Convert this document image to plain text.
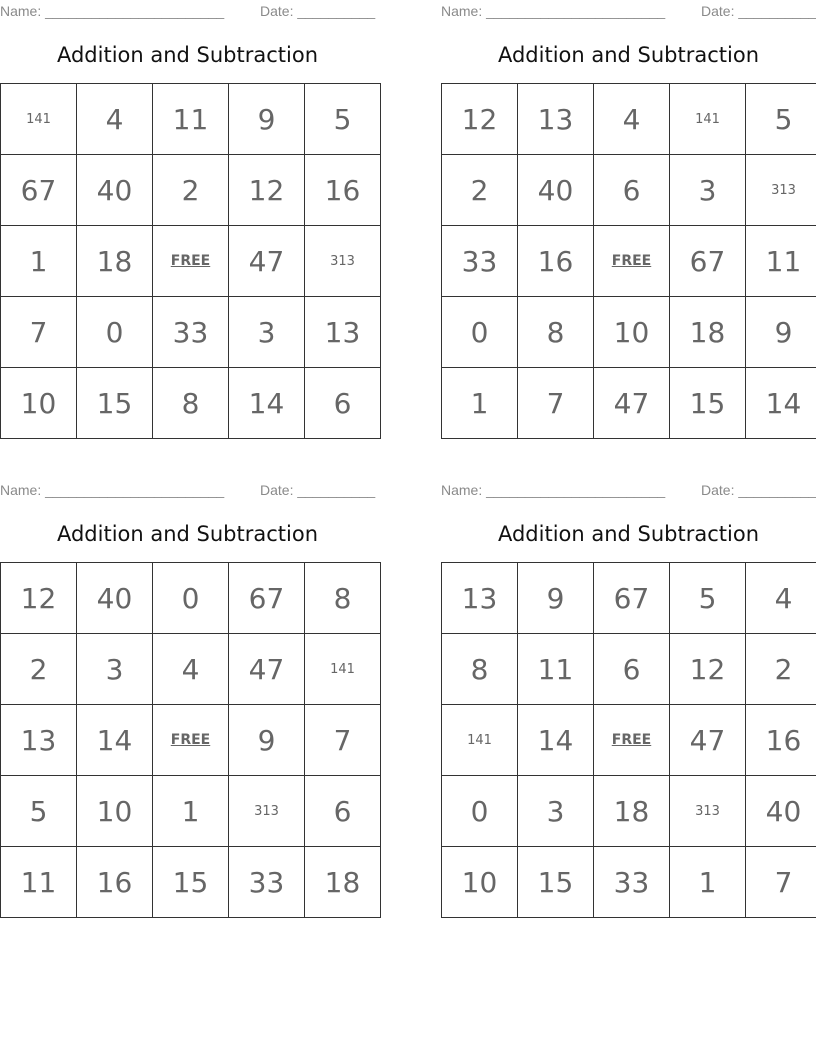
Name: _______________________	Date: __________
Addition and Subtraction
141	4	11	9	5
67	40	2	12	16
1	18	FREE	47	313
7	0	33	3	13
10	15	8	14	6
Name: _______________________	Date: __________
Addition and Subtraction
12	13	4	141	5
2	40	6	3	313
33	16	FREE	67	11
0	8	10	18	9
1	7	47	15	14
Name: _______________________	Date: __________
Addition and Subtraction
12	40	0	67	8
2	3	4	47	141
13	14	FREE	9	7
5	10	1	313	6
11	16	15	33	18
Name: _______________________	Date: __________
Addition and Subtraction
13	9	67	5	4
8	11	6	12	2
141	14	FREE	47	16
0	3	18	313	40
10	15	33	1	7
